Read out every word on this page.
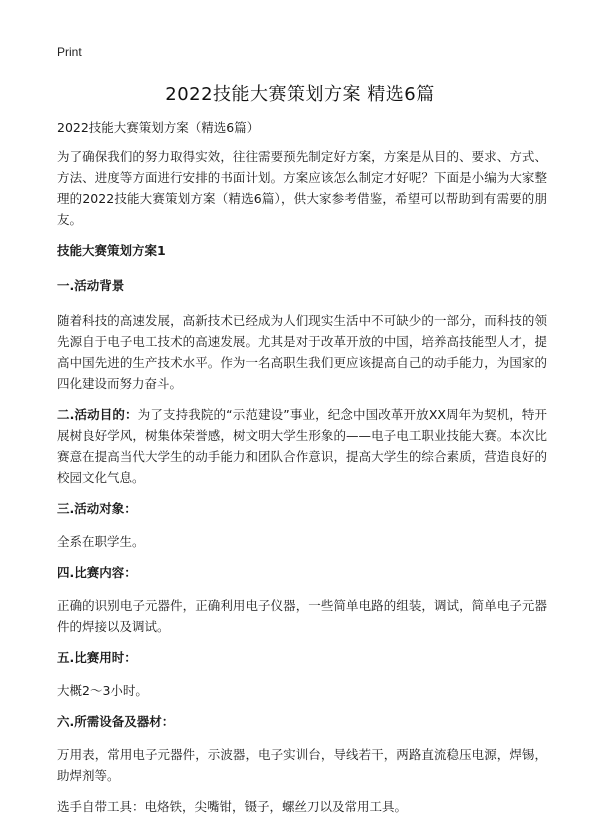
Print
2022技能大赛策划方案 精选6篇

2022技能大赛策划方案（精选6篇）

为了确保我们的努力取得实效，往往需要预先制定好方案，方案是从目的、要求、方式、方法、进度等方面进行安排的书面计划。方案应该怎么制定才好呢？下面是小编为大家整理的2022技能大赛策划方案（精选6篇），供大家参考借鉴，希望可以帮助到有需要的朋友。

技能大赛策划方案1

一.活动背景

随着科技的高速发展，高新技术已经成为人们现实生活中不可缺少的一部分，而科技的领先源自于电子电工技术的高速发展。尤其是对于改革开放的中国，培养高技能型人才，提高中国先进的生产技术水平。作为一名高职生我们更应该提高自己的动手能力，为国家的四化建设而努力奋斗。

二.活动目的：为了支持我院的“示范建设”事业，纪念中国改革开放XX周年为契机，特开展树良好学风，树集体荣誉感，树文明大学生形象的——电子电工职业技能大赛。本次比赛意在提高当代大学生的动手能力和团队合作意识，提高大学生的综合素质，营造良好的校园文化气息。

三.活动对象：

全系在职学生。

四.比赛内容：

正确的识别电子元器件，正确利用电子仪器，一些简单电路的组装，调试，简单电子元器件的焊接以及调试。

五.比赛用时：

大概2～3小时。

六.所需设备及器材：

万用表，常用电子元器件，示波器，电子实训台，导线若干，两路直流稳压电源，焊锡，助焊剂等。

选手自带工具：电烙铁，尖嘴钳，镊子，螺丝刀以及常用工具。
